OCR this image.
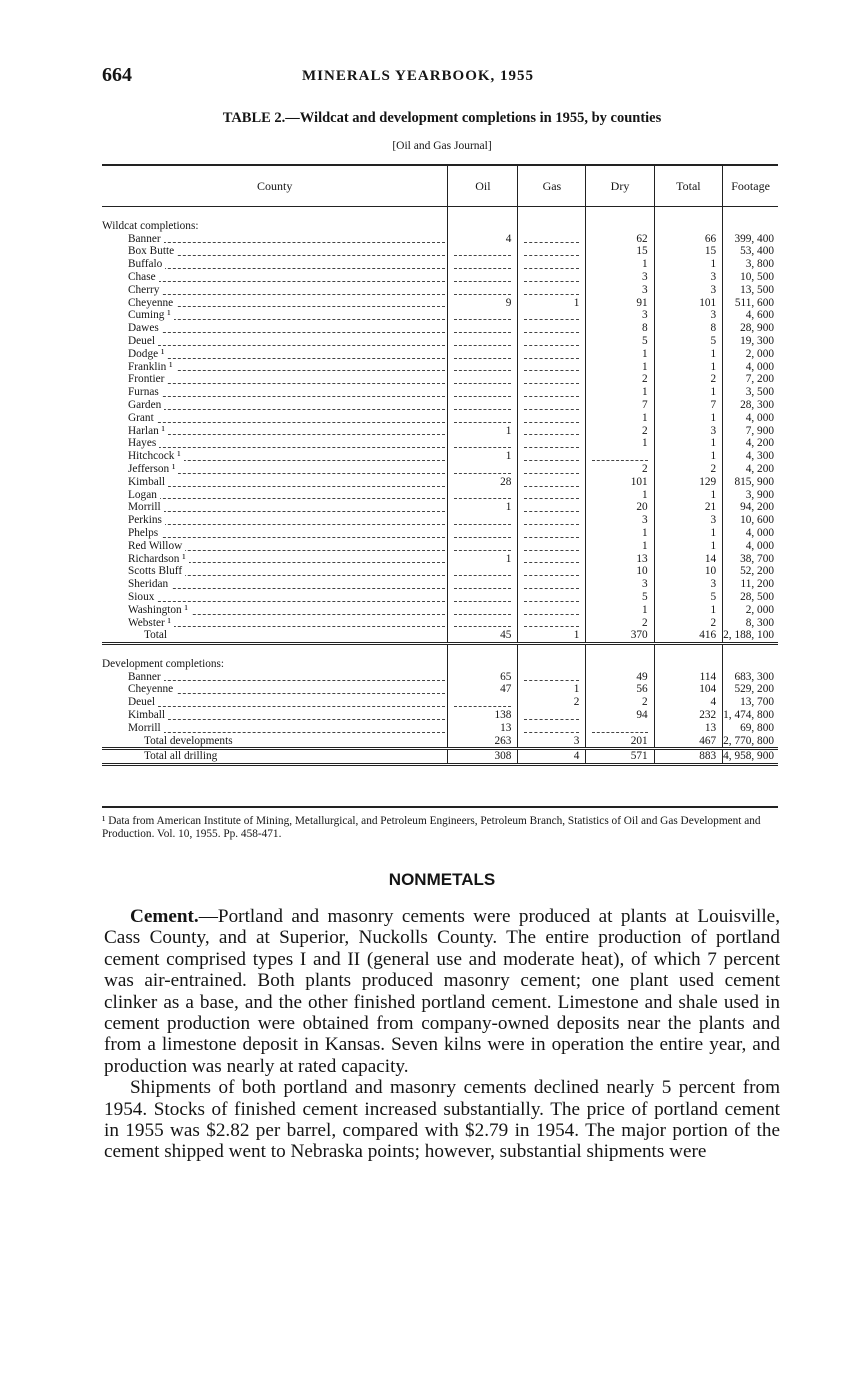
664	MINERALS YEARBOOK, 1955
TABLE 2.—Wildcat and development completions in 1955, by counties
[Oil and Gas Journal]
County	Oil	Gas	Dry	Total	Footage

Wildcat completions:					

Banner	4		62	66	399, 400

Box Butte			15	15	53, 400

Buffalo			1	1	3, 800

Chase			3	3	10, 500

Cherry			3	3	13, 500

Cheyenne	9	1	91	101	511, 600

Cuming ¹			3	3	4, 600

Dawes			8	8	28, 900

Deuel			5	5	19, 300

Dodge ¹			1	1	2, 000

Franklin ¹			1	1	4, 000

Frontier			2	2	7, 200

Furnas			1	1	3, 500

Garden			7	7	28, 300

Grant			1	1	4, 000

Harlan ¹	1		2	3	7, 900

Hayes			1	1	4, 200

Hitchcock ¹	1			1	4, 300

Jefferson ¹			2	2	4, 200

Kimball	28		101	129	815, 900

Logan			1	1	3, 900

Morrill	1		20	21	94, 200

Perkins			3	3	10, 600

Phelps			1	1	4, 000

Red Willow			1	1	4, 000

Richardson ¹	1		13	14	38, 700

Scotts Bluff			10	10	52, 200

Sheridan			3	3	11, 200

Sioux			5	5	28, 500

Washington ¹			1	1	2, 000

Webster ¹			2	2	8, 300
Total	45	1	370	416	2, 188, 100

Development completions:					

Banner	65		49	114	683, 300

Cheyenne	47	1	56	104	529, 200

Deuel		2	2	4	13, 700

Kimball	138		94	232	1, 474, 800

Morrill	13			13	69, 800
Total developments	263	3	201	467	2, 770, 800
Total all drilling	308	4	571	883	4, 958, 900
¹ Data from American Institute of Mining, Metallurgical, and Petroleum Engineers, Petroleum Branch, Statistics of Oil and Gas Development and Production. Vol. 10, 1955. Pp. 458-471.
NONMETALS

Cement.—Portland and masonry cements were produced at plants at Louisville, Cass County, and at Superior, Nuckolls County. The entire production of portland cement comprised types I and II (general use and moderate heat), of which 7 percent was air-entrained. Both plants produced masonry cement; one plant used cement clinker as a base, and the other finished portland cement. Limestone and shale used in cement production were obtained from company-owned deposits near the plants and from a limestone deposit in Kansas. Seven kilns were in operation the entire year, and production was nearly at rated capacity.

Shipments of both portland and masonry cements declined nearly 5 percent from 1954. Stocks of finished cement increased substantially. The price of portland cement in 1955 was $2.82 per barrel, compared with $2.79 in 1954. The major portion of the cement shipped went to Nebraska points; however, substantial shipments were
